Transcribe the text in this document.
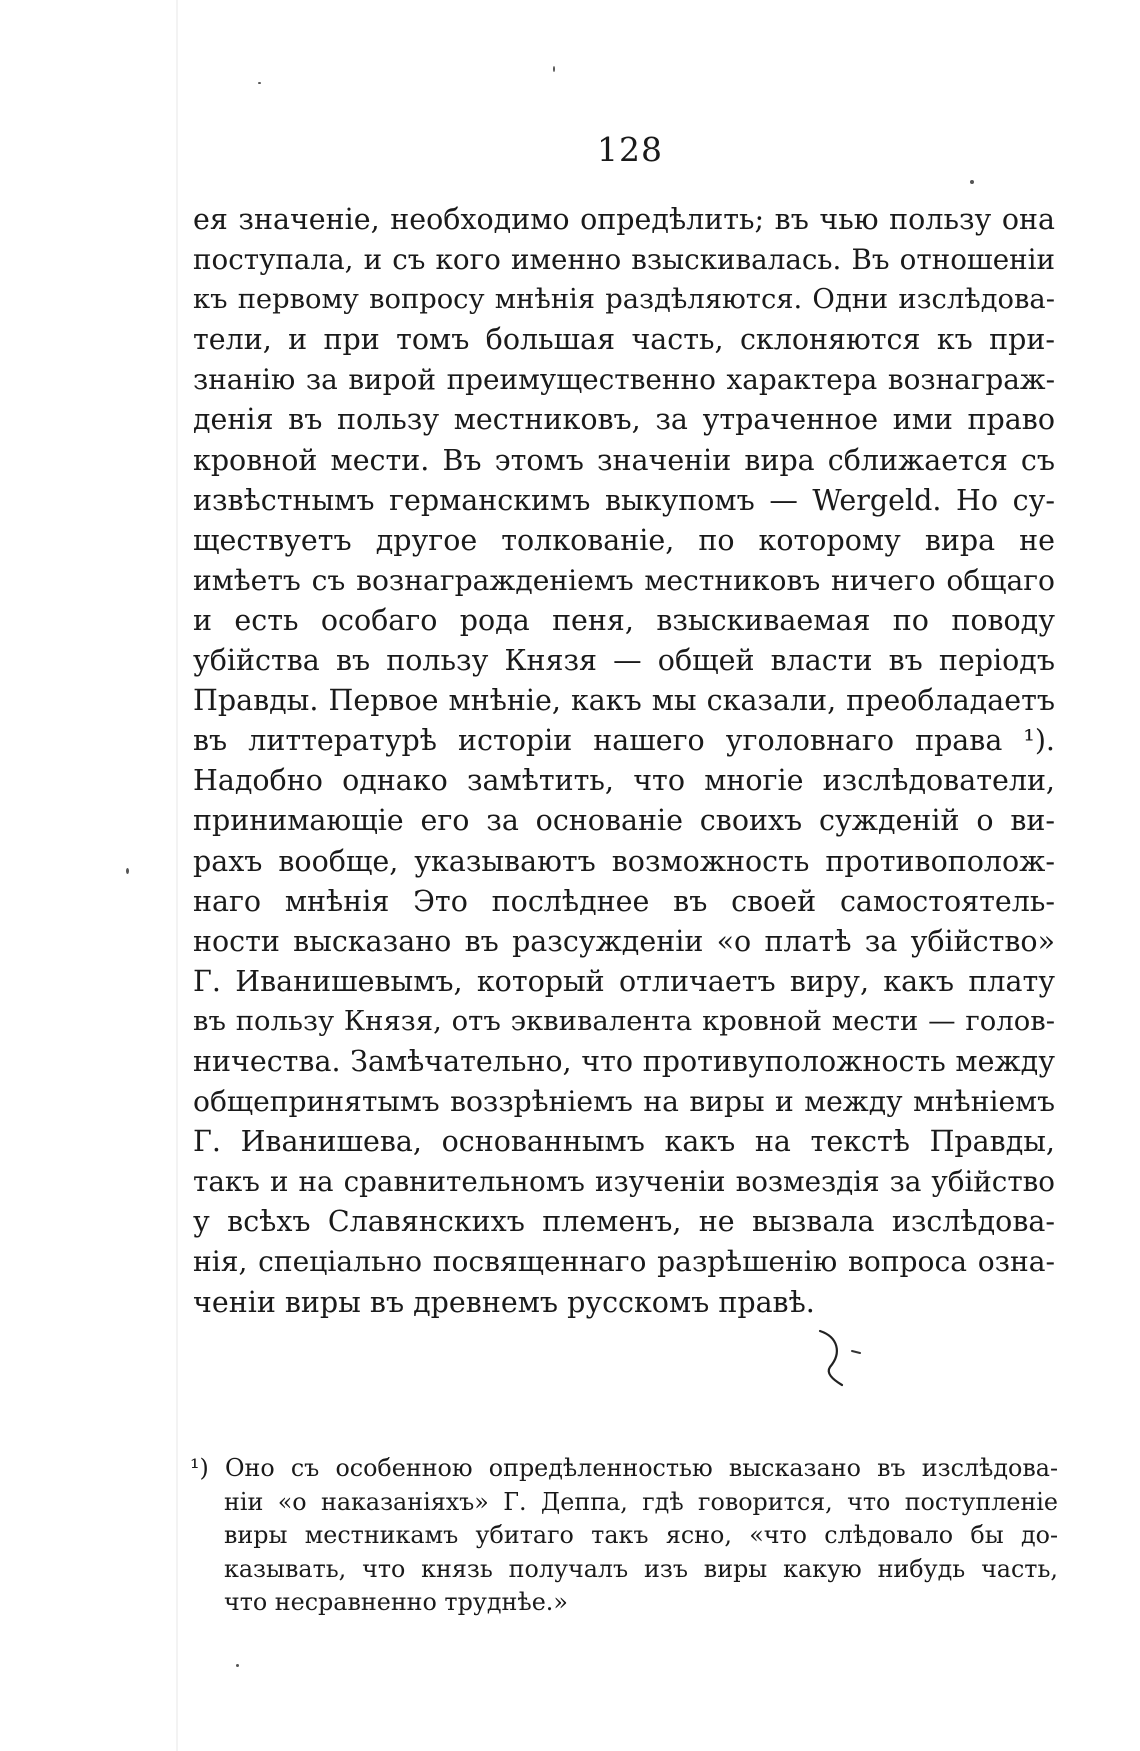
128
ея значеніе, необходимо опредѣлить; въ чью пользу она
поступала, и съ кого именно взыскивалась. Въ отношеніи
къ первому вопросу мнѣнія раздѣляются. Одни изслѣдова-
тели, и при томъ большая часть, склоняются къ при-
знанію за вирой преимущественно характера вознаграж-
денія въ пользу местниковъ, за утраченное ими право
кровной мести. Въ этомъ значеніи вира сближается съ
извѣстнымъ германскимъ выкупомъ — Wergeld. Но су-
ществуетъ другое толкованіе, по которому вира не
имѣетъ съ вознагражденіемъ местниковъ ничего общаго
и есть особаго рода пеня, взыскиваемая по поводу
убійства въ пользу Князя — общей власти въ періодъ
Правды. Первое мнѣніе, какъ мы сказали, преобладаетъ
въ литтературѣ исторіи нашего уголовнаго права ¹).
Надобно однако замѣтить, что многіе изслѣдователи,
принимающіе его за основаніе своихъ сужденій о ви-
рахъ вообще, указываютъ возможность противополож-
наго мнѣнія Это послѣднее въ своей самостоятель-
ности высказано въ разсужденіи «о платѣ за убійство»
Г. Иванишевымъ, который отличаетъ виру, какъ плату
въ пользу Князя, отъ эквивалента кровной мести — голов-
ничества. Замѣчательно, что противуположность между
общепринятымъ воззрѣніемъ на виры и между мнѣніемъ
Г. Иванишева, основаннымъ какъ на текстѣ Правды,
такъ и на сравнительномъ изученіи возмездія за убійство
у всѣхъ Славянскихъ племенъ, не вызвала изслѣдова-
нія, спеціально посвященнаго разрѣшенію вопроса озна-
ченіи виры въ древнемъ русскомъ правѣ.
¹) Оно съ особенною опредѣленностью высказано въ изслѣдова-
ніи «о наказаніяхъ» Г. Деппа, гдѣ говорится, что поступленіе
виры местникамъ убитаго такъ ясно, «что слѣдовало бы до-
казывать, что князь получалъ изъ виры какую нибудь часть,
что несравненно труднѣе.»
